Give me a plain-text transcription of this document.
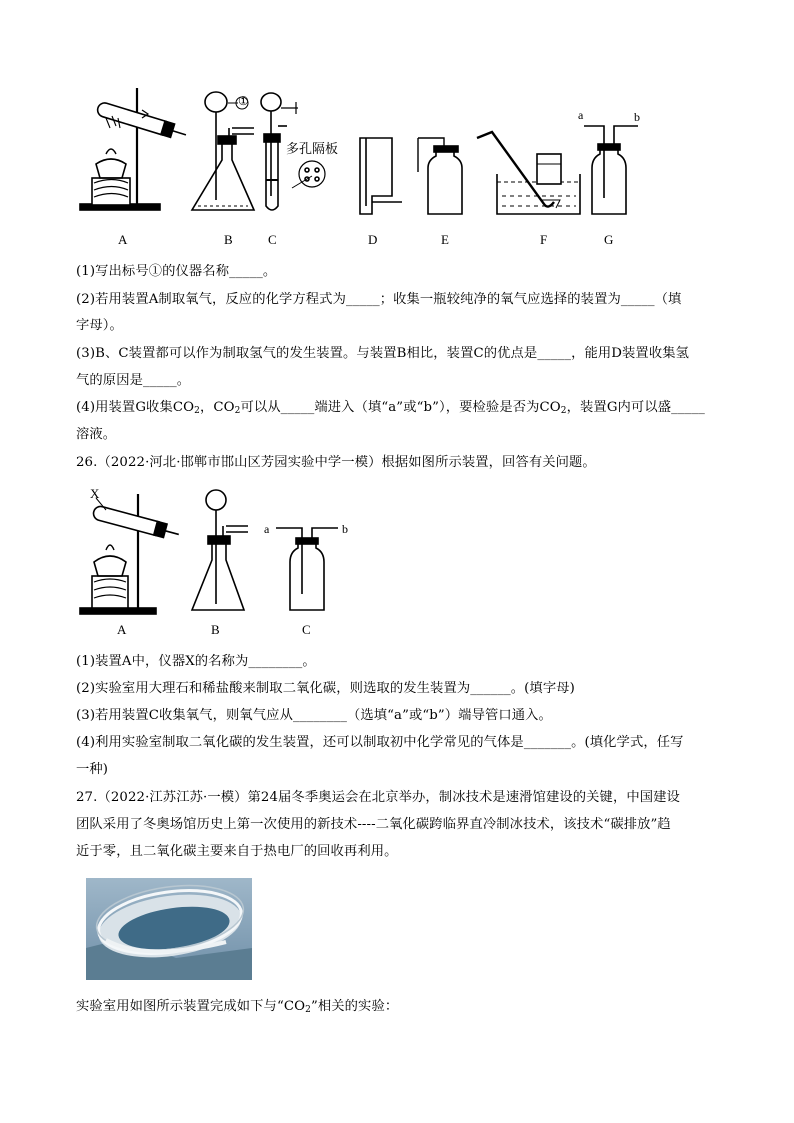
A	B	C	D	E	F	G
①
多孔隔板
a	b
(1)写出标号①的仪器名称_____。
(2)若用装置A制取氧气，反应的化学方程式为_____；收集一瓶较纯净的氧气应选择的装置为_____（填
字母）。
(3)B、C装置都可以作为制取氢气的发生装置。与装置B相比，装置C的优点是_____，能用D装置收集氢
气的原因是_____。
(4)用装置G收集$CO_2$，$CO_2$可以从_____端进入（填“a”或“b”），要检验是否为$CO_2$，装置G内可以盛_____
溶液。
26.（2022·河北·邯郸市邯山区芳园实验中学一模）根据如图所示装置，回答有关问题。
X
a	b
A	B	C
(1)装置A中，仪器X的名称为________。
(2)实验室用大理石和稀盐酸来制取二氧化碳，则选取的发生装置为______。(填字母)
(3)若用装置C收集氧气，则氧气应从________（选填“a”或“b”）端导管口通入。
(4)利用实验室制取二氧化碳的发生装置，还可以制取初中化学常见的气体是_______。(填化学式，任写
一种)
27.（2022·江苏江苏·一模）第24届冬季奥运会在北京举办，制冰技术是速滑馆建设的关键，中国建设
团队采用了冬奥场馆历史上第一次使用的新技术----二氧化碳跨临界直冷制冰技术，该技术“碳排放”趋
近于零，且二氧化碳主要来自于热电厂的回收再利用。
实验室用如图所示装置完成如下与“$CO_2$”相关的实验：
